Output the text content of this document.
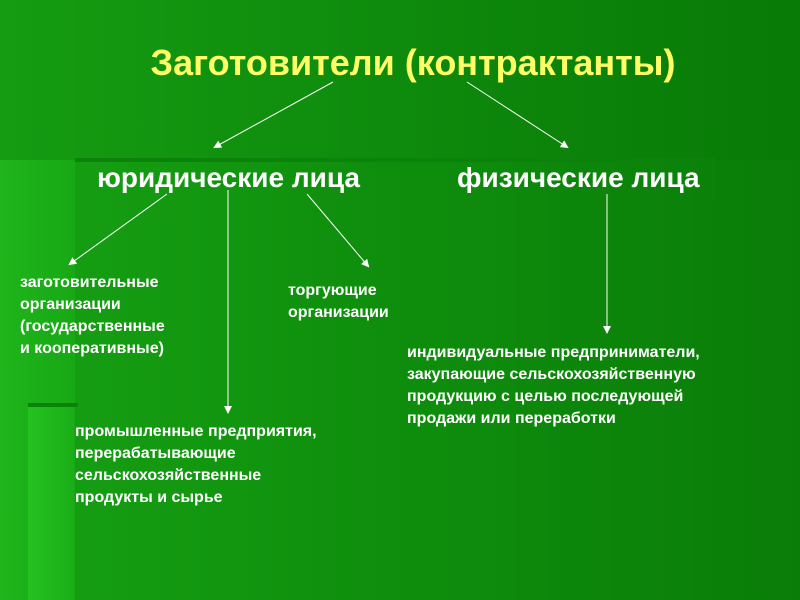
Заготовители (контрактанты)
юридические лица	физические лица
заготовительные
организации
(государственные
и кооперативные)
торгующие
организации
промышленные предприятия,
перерабатывающие
сельскохозяйственные
продукты и сырье
индивидуальные предприниматели,
закупающие сельскохозяйственную
продукцию с целью последующей
продажи или переработки
